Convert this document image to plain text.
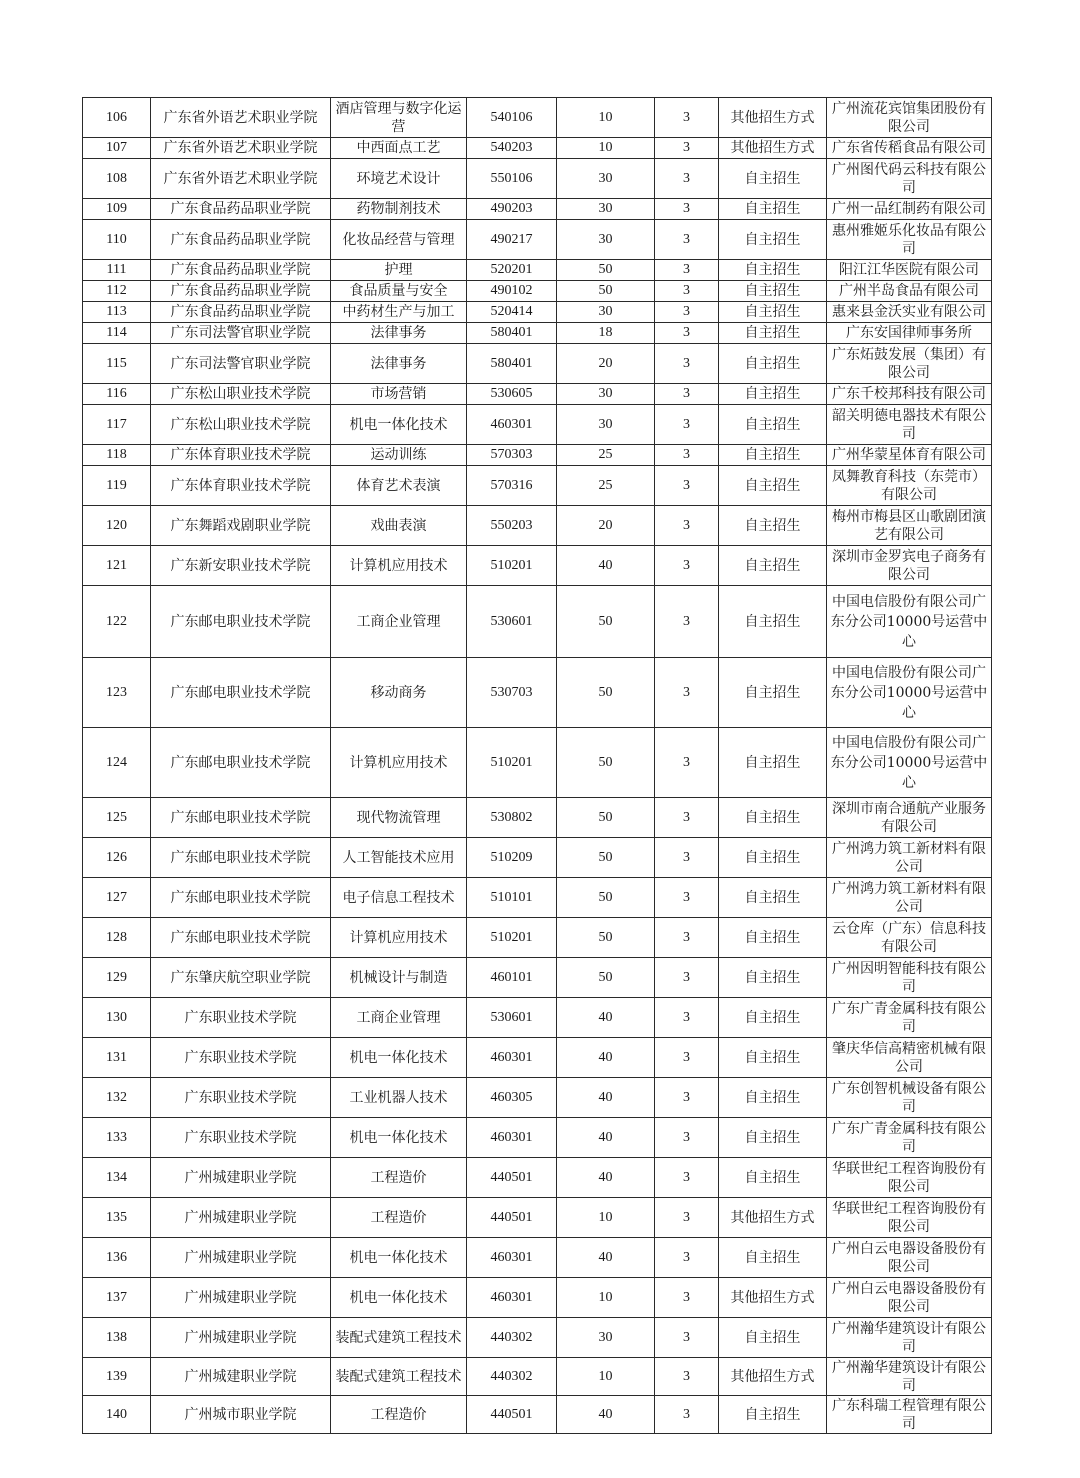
106	广东省外语艺术职业学院	酒店管理与数字化运营	540106	10	3	其他招生方式	广州流花宾馆集团股份有限公司
107	广东省外语艺术职业学院	中西面点工艺	540203	10	3	其他招生方式	广东省传稻食品有限公司
108	广东省外语艺术职业学院	环境艺术设计	550106	30	3	自主招生	广州图代码云科技有限公司
109	广东食品药品职业学院	药物制剂技术	490203	30	3	自主招生	广州一品红制药有限公司
110	广东食品药品职业学院	化妆品经营与管理	490217	30	3	自主招生	惠州雅姬乐化妆品有限公司
111	广东食品药品职业学院	护理	520201	50	3	自主招生	阳江江华医院有限公司
112	广东食品药品职业学院	食品质量与安全	490102	50	3	自主招生	广州半岛食品有限公司
113	广东食品药品职业学院	中药材生产与加工	520414	30	3	自主招生	惠来县金沃实业有限公司
114	广东司法警官职业学院	法律事务	580401	18	3	自主招生	广东安国律师事务所
115	广东司法警官职业学院	法律事务	580401	20	3	自主招生	广东炻鼓发展（集团）有限公司
116	广东松山职业技术学院	市场营销	530605	30	3	自主招生	广东千校邦科技有限公司
117	广东松山职业技术学院	机电一体化技术	460301	30	3	自主招生	韶关明德电器技术有限公司
118	广东体育职业技术学院	运动训练	570303	25	3	自主招生	广州华蒙星体育有限公司
119	广东体育职业技术学院	体育艺术表演	570316	25	3	自主招生	凤舞教育科技（东莞市）有限公司
120	广东舞蹈戏剧职业学院	戏曲表演	550203	20	3	自主招生	梅州市梅县区山歌剧团演艺有限公司
121	广东新安职业技术学院	计算机应用技术	510201	40	3	自主招生	深圳市金罗宾电子商务有限公司
122	广东邮电职业技术学院	工商企业管理	530601	50	3	自主招生	中国电信股份有限公司广东分公司10000号运营中心
123	广东邮电职业技术学院	移动商务	530703	50	3	自主招生	中国电信股份有限公司广东分公司10000号运营中心
124	广东邮电职业技术学院	计算机应用技术	510201	50	3	自主招生	中国电信股份有限公司广东分公司10000号运营中心
125	广东邮电职业技术学院	现代物流管理	530802	50	3	自主招生	深圳市南合通航产业服务有限公司
126	广东邮电职业技术学院	人工智能技术应用	510209	50	3	自主招生	广州鸿力筑工新材料有限公司
127	广东邮电职业技术学院	电子信息工程技术	510101	50	3	自主招生	广州鸿力筑工新材料有限公司
128	广东邮电职业技术学院	计算机应用技术	510201	50	3	自主招生	云仓库（广东）信息科技有限公司
129	广东肇庆航空职业学院	机械设计与制造	460101	50	3	自主招生	广州因明智能科技有限公司
130	广东职业技术学院	工商企业管理	530601	40	3	自主招生	广东广青金属科技有限公司
131	广东职业技术学院	机电一体化技术	460301	40	3	自主招生	肇庆华信高精密机械有限公司
132	广东职业技术学院	工业机器人技术	460305	40	3	自主招生	广东创智机械设备有限公司
133	广东职业技术学院	机电一体化技术	460301	40	3	自主招生	广东广青金属科技有限公司
134	广州城建职业学院	工程造价	440501	40	3	自主招生	华联世纪工程咨询股份有限公司
135	广州城建职业学院	工程造价	440501	10	3	其他招生方式	华联世纪工程咨询股份有限公司
136	广州城建职业学院	机电一体化技术	460301	40	3	自主招生	广州白云电器设备股份有限公司
137	广州城建职业学院	机电一体化技术	460301	10	3	其他招生方式	广州白云电器设备股份有限公司
138	广州城建职业学院	装配式建筑工程技术	440302	30	3	自主招生	广州瀚华建筑设计有限公司
139	广州城建职业学院	装配式建筑工程技术	440302	10	3	其他招生方式	广州瀚华建筑设计有限公司
140	广州城市职业学院	工程造价	440501	40	3	自主招生	广东科瑞工程管理有限公司
